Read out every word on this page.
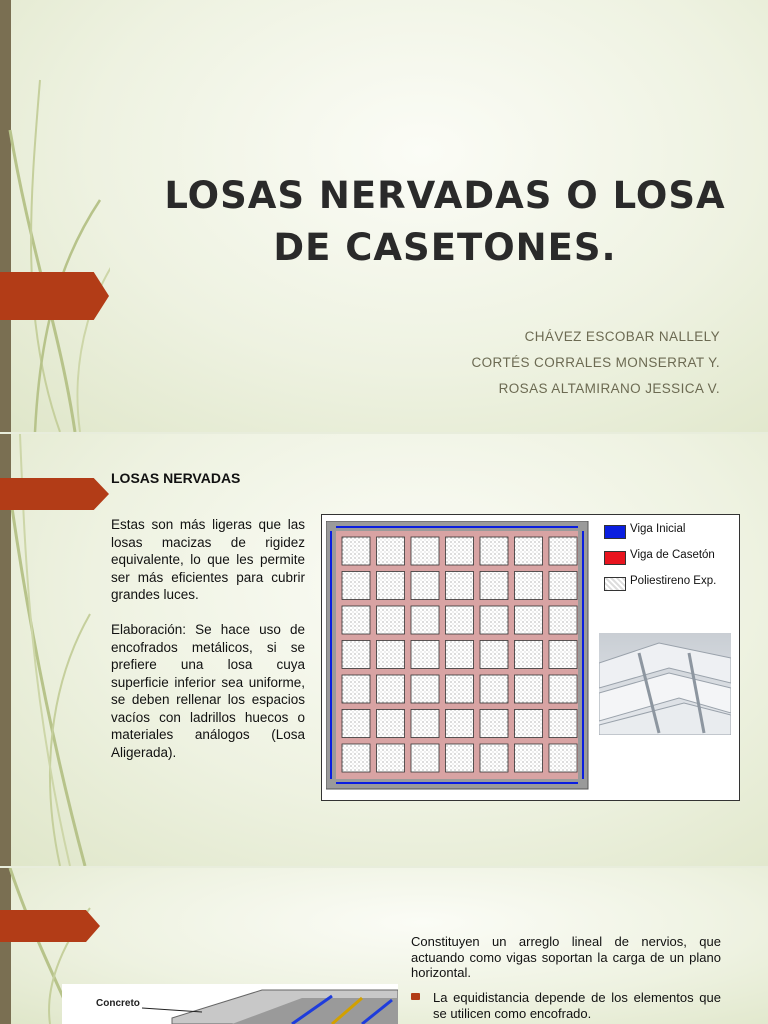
LOSAS NERVADAS O LOSA DE CASETONES.
CHÁVEZ ESCOBAR NALLELY
CORTÉS CORRALES MONSERRAT Y.
ROSAS ALTAMIRANO JESSICA V.
LOSAS NERVADAS
Estas son más ligeras que las losas macizas de rigidez equivalente, lo que les permite ser más eficientes para cubrir grandes luces.
Elaboración: Se hace uso de encofrados metálicos, si se prefiere una losa cuya superficie inferior sea uniforme, se deben rellenar los espacios vacíos con ladrillos huecos o materiales análogos (Losa Aligerada).
Viga Inicial
Viga de Casetón
Poliestireno Exp.
Constituyen un arreglo lineal de nervios, que actuando como vigas soportan la carga de un plano horizontal.
La equidistancia depende de los elementos que se utilicen como encofrado.
Concreto
